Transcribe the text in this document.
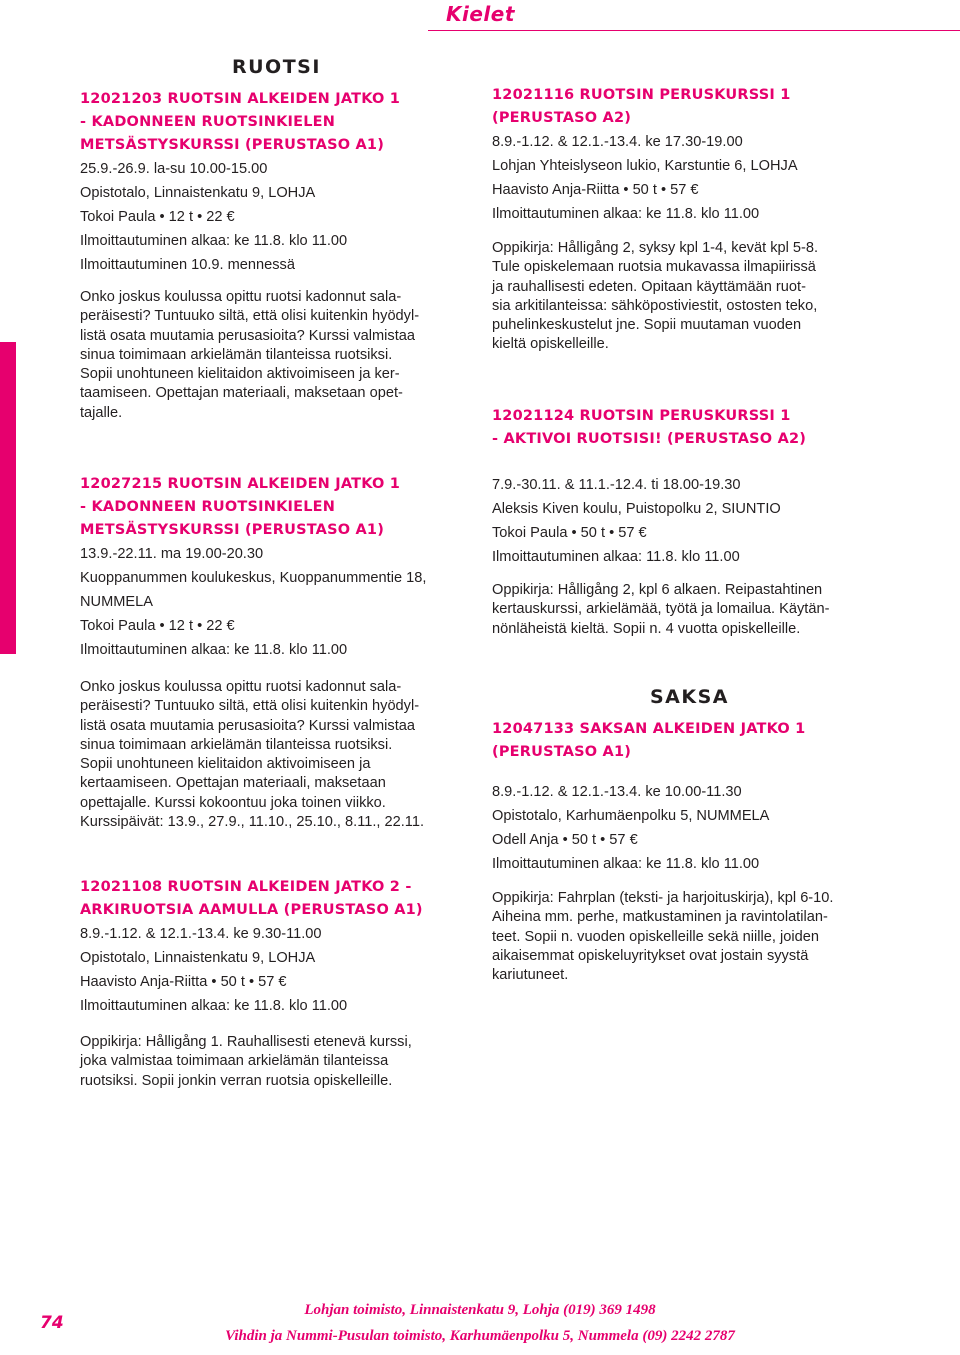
Kielet
RUOTSI
12021203 RUOTSIN ALKEIDEN JATKO 1
- KADONNEEN RUOTSINKIELEN
METSÄSTYSKURSSI (PERUSTASO A1)
25.9.-26.9. la-su 10.00-15.00
Opistotalo, Linnaistenkatu 9, LOHJA
Tokoi Paula • 12 t • 22 €
Ilmoittautuminen alkaa: ke 11.8. klo 11.00
Ilmoittautuminen 10.9. mennessä
Onko joskus koulussa opittu ruotsi kadonnut sala-
peräisesti? Tuntuuko siltä, että olisi kuitenkin hyödyl-
listä osata muutamia perusasioita? Kurssi valmistaa
sinua toimimaan arkielämän tilanteissa ruotsiksi.
Sopii unohtuneen kielitaidon aktivoimiseen ja ker-
taamiseen. Opettajan materiaali, maksetaan opet-
tajalle.
12027215 RUOTSIN ALKEIDEN JATKO 1
- KADONNEEN RUOTSINKIELEN
METSÄSTYSKURSSI (PERUSTASO A1)
13.9.-22.11. ma 19.00-20.30
Kuoppanummen koulukeskus, Kuoppanummentie 18,
NUMMELA
Tokoi Paula • 12 t • 22 €
Ilmoittautuminen alkaa: ke 11.8. klo 11.00
Onko joskus koulussa opittu ruotsi kadonnut sala-
peräisesti? Tuntuuko siltä, että olisi kuitenkin hyödyl-
listä osata muutamia perusasioita? Kurssi valmistaa
sinua toimimaan arkielämän tilanteissa ruotsiksi.
Sopii unohtuneen kielitaidon aktivoimiseen ja
kertaamiseen. Opettajan materiaali, maksetaan
opettajalle. Kurssi kokoontuu joka toinen viikko.
Kurssipäivät: 13.9., 27.9., 11.10., 25.10., 8.11., 22.11.
12021108 RUOTSIN ALKEIDEN JATKO 2 -
ARKIRUOTSIA AAMULLA (PERUSTASO A1)
8.9.-1.12. & 12.1.-13.4. ke 9.30-11.00
Opistotalo, Linnaistenkatu 9, LOHJA
Haavisto Anja-Riitta • 50 t • 57 €
Ilmoittautuminen alkaa: ke 11.8. klo 11.00
Oppikirja: Hålligång 1. Rauhallisesti etenevä kurssi,
joka valmistaa toimimaan arkielämän tilanteissa
ruotsiksi. Sopii jonkin verran ruotsia opiskelleille.
12021116 RUOTSIN PERUSKURSSI 1
(PERUSTASO A2)
8.9.-1.12. & 12.1.-13.4. ke 17.30-19.00
Lohjan Yhteislyseon lukio, Karstuntie 6, LOHJA
Haavisto Anja-Riitta • 50 t • 57 €
Ilmoittautuminen alkaa: ke 11.8. klo 11.00
Oppikirja: Hålligång 2, syksy kpl 1-4, kevät kpl 5-8.
Tule opiskelemaan ruotsia mukavassa ilmapiirissä
ja rauhallisesti edeten. Opitaan käyttämään ruot-
sia arkitilanteissa: sähköpostiviestit, ostosten teko,
puhelinkeskustelut jne. Sopii muutaman vuoden
kieltä opiskelleille.
12021124 RUOTSIN PERUSKURSSI 1
- AKTIVOI RUOTSISI! (PERUSTASO A2)
7.9.-30.11. & 11.1.-12.4. ti 18.00-19.30
Aleksis Kiven koulu, Puistopolku 2, SIUNTIO
Tokoi Paula • 50 t • 57 €
Ilmoittautuminen alkaa: 11.8. klo 11.00
Oppikirja: Hålligång 2, kpl 6 alkaen. Reipastahtinen
kertauskurssi, arkielämää, työtä ja lomailua. Käytän-
nönläheistä kieltä. Sopii n. 4 vuotta opiskelleille.
SAKSA
12047133 SAKSAN ALKEIDEN JATKO 1
(PERUSTASO A1)
8.9.-1.12. & 12.1.-13.4. ke 10.00-11.30
Opistotalo, Karhumäenpolku 5, NUMMELA
Odell Anja • 50 t • 57 €
Ilmoittautuminen alkaa: ke 11.8. klo 11.00
Oppikirja: Fahrplan (teksti- ja harjoituskirja), kpl 6-10.
Aiheina mm. perhe, matkustaminen ja ravintolatilan-
teet. Sopii n. vuoden opiskelleille sekä niille, joiden
aikaisemmat opiskeluyritykset ovat jostain syystä
kariutuneet.
74
Lohjan toimisto, Linnaistenkatu 9, Lohja (019) 369 1498
Vihdin ja Nummi-Pusulan toimisto, Karhumäenpolku 5, Nummela (09) 2242 2787
